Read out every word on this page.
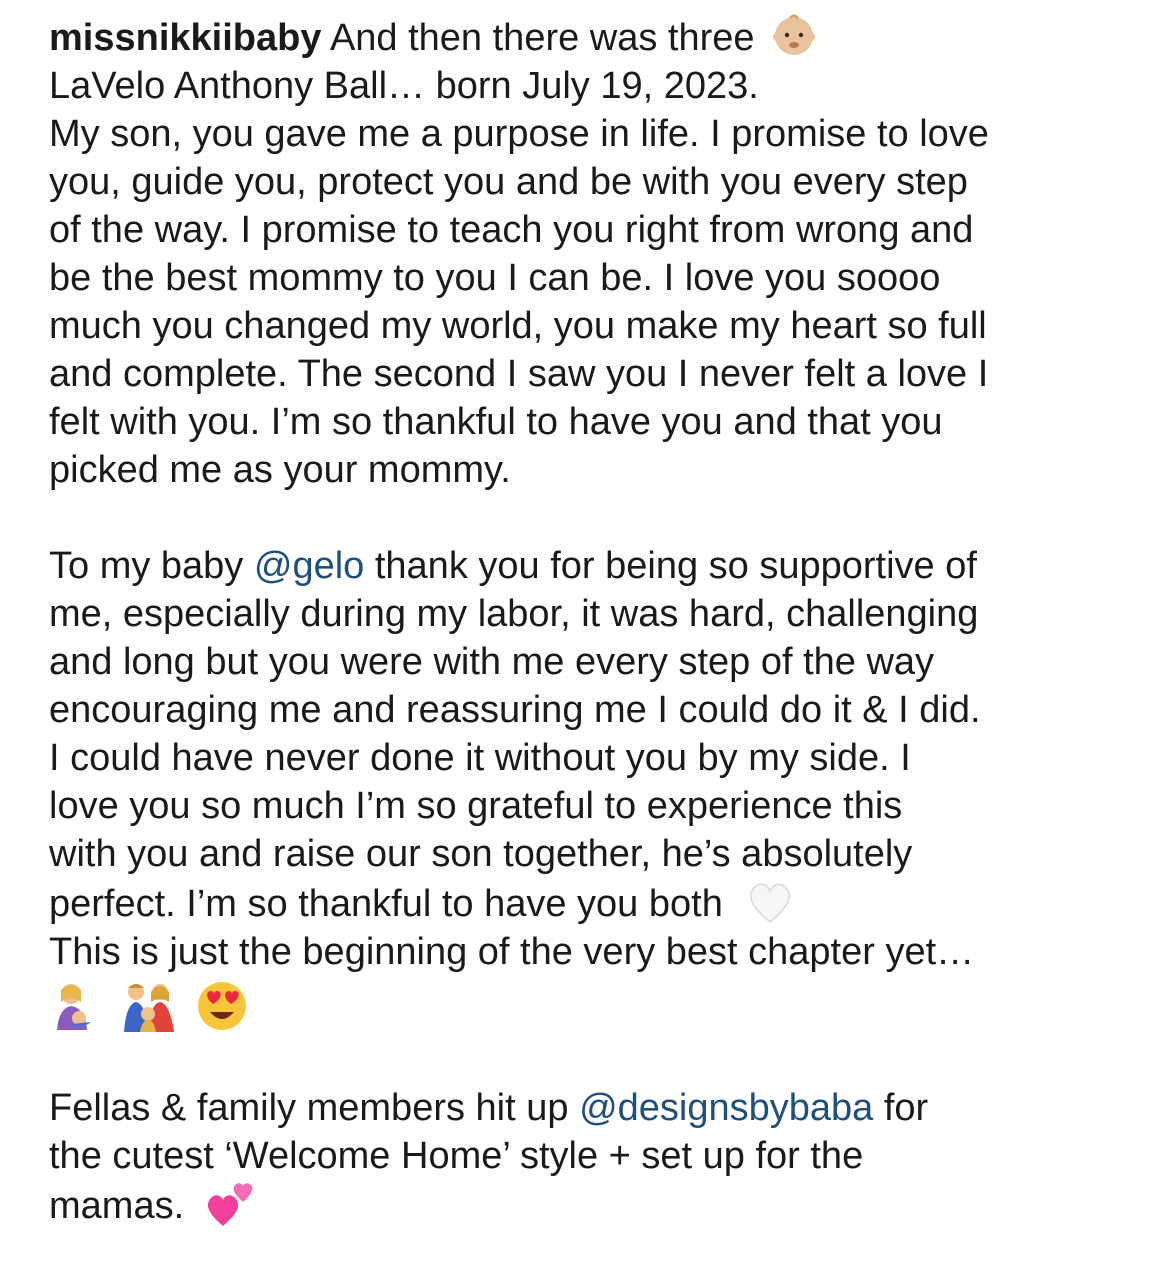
missnikkiibaby And then there was three
LaVelo Anthony Ball… born July 19, 2023.
My son, you gave me a purpose in life. I promise to love
you, guide you, protect you and be with you every step
of the way. I promise to teach you right from wrong and
be the best mommy to you I can be. I love you soooo
much you changed my world, you make my heart so full
and complete. The second I saw you I never felt a love I
felt with you. I’m so thankful to have you and that you
picked me as your mommy.
To my baby @gelo thank you for being so supportive of
me, especially during my labor, it was hard, challenging
and long but you were with me every step of the way
encouraging me and reassuring me I could do it & I did.
I could have never done it without you by my side. I
love you so much I’m so grateful to experience this
with you and raise our son together, he’s absolutely
perfect. I’m so thankful to have you both
This is just the beginning of the very best chapter yet…

Fellas & family members hit up @designsbybaba for
the cutest ‘Welcome Home’ style + set up for the
mamas.
